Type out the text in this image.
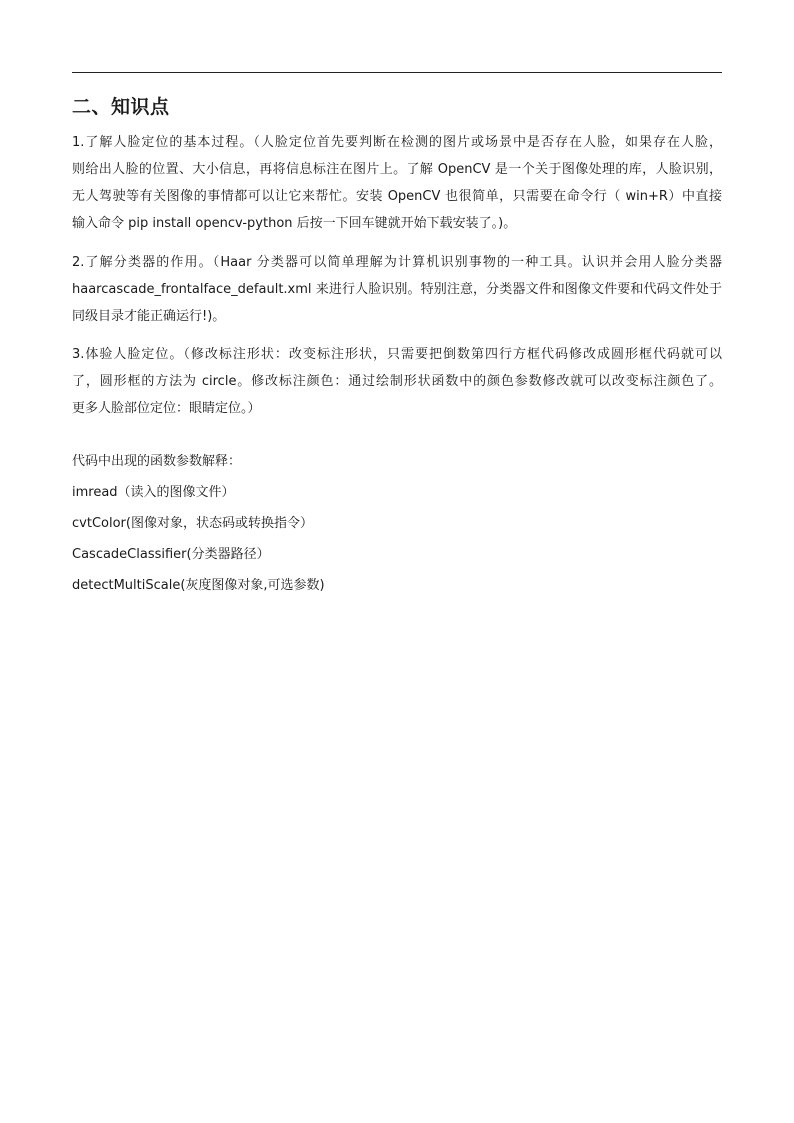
二、知识点
1.了解人脸定位的基本过程。（人脸定位首先要判断在检测的图片或场景中是否存在人脸，如果存在人脸，
则给出人脸的位置、大小信息，再将信息标注在图片上。了解 OpenCV 是一个关于图像处理的库，人脸识别，
无人驾驶等有关图像的事情都可以让它来帮忙。安装 OpenCV 也很简单，只需要在命令行（ win+R）中直接
输入命令 pip install opencv-python 后按一下回车键就开始下载安装了。)。
2.了解分类器的作用。（Haar 分类器可以简单理解为计算机识别事物的一种工具。认识并会用人脸分类器
haarcascade_frontalface_default.xml 来进行人脸识别。特别注意，分类器文件和图像文件要和代码文件处于
同级目录才能正确运行!)。
3.体验人脸定位。（修改标注形状：改变标注形状，只需要把倒数第四行方框代码修改成圆形框代码就可以
了，圆形框的方法为 circle。修改标注颜色：通过绘制形状函数中的颜色参数修改就可以改变标注颜色了。
更多人脸部位定位：眼睛定位。）
代码中出现的函数参数解释：
imread（读入的图像文件）
cvtColor(图像对象，状态码或转换指令）
CascadeClassifier(分类器路径）
detectMultiScale(灰度图像对象,可选参数)
